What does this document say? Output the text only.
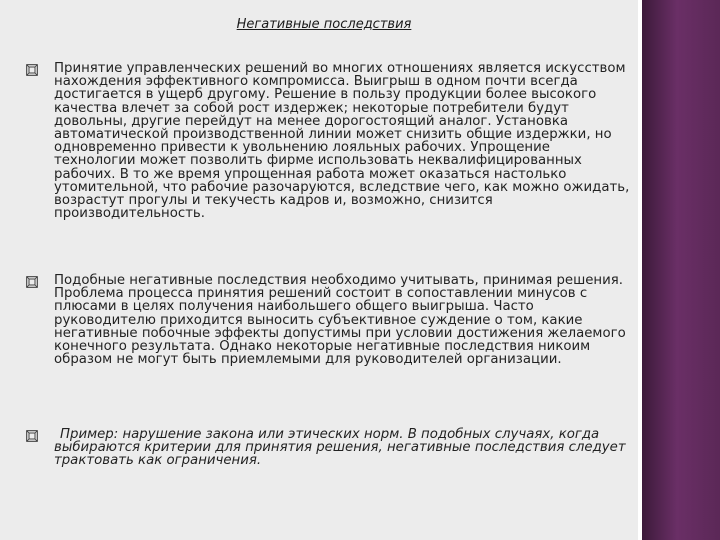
Негативные последствия

Принятие управленческих решений во многих отношениях является искусством нахождения эффективного компромисса. Выигрыш в одном почти всегда достигается в ущерб другому. Решение в пользу продукции более высокого качества влечет за собой рост издержек; некоторые потребители будут довольны, другие перейдут на менее дорогостоящий аналог. Установка автоматической производственной линии может снизить общие издержки, но одновременно привести к увольнению лояльных рабочих. Упрощение технологии может позволить фирме использовать неквалифицированных рабочих. В то же время упрощенная работа может оказаться настолько утомительной, что рабочие разочаруются, вследствие чего, как можно ожидать, возрастут прогулы и текучесть кадров и, возможно, снизится производительность.

Подобные негативные последствия необходимо учитывать, принимая решения. Проблема процесса принятия решений состоит в сопоставлении минусов с плюсами в целях получения наибольшего общего выигрыша. Часто руководителю приходится выносить субъективное суждение о том, какие негативные побочные эффекты допустимы при условии достижения желаемого конечного результата. Однако некоторые негативные последствия никоим образом не могут быть приемлемыми для руководителей организации.

Пример: нарушение закона или этических норм. В подобных случаях, когда выбираются критерии для принятия решения, негативные последствия следует трактовать как ограничения.
